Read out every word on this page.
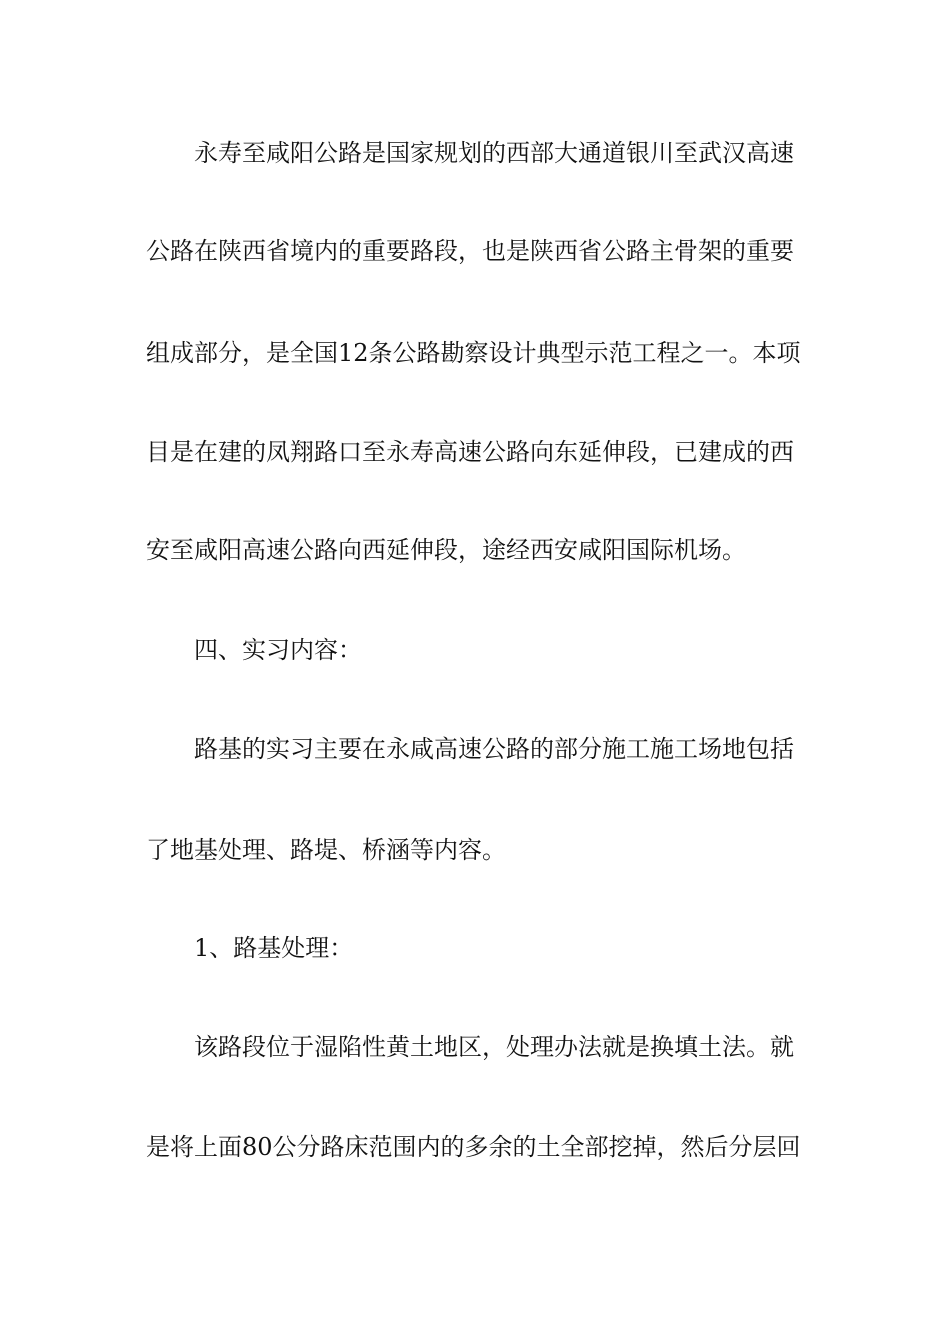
永寿至咸阳公路是国家规划的西部大通道银川至武汉高速
公路在陕西省境内的重要路段，也是陕西省公路主骨架的重要
组成部分，是全国12条公路勘察设计典型示范工程之一。本项
目是在建的凤翔路口至永寿高速公路向东延伸段，已建成的西
安至咸阳高速公路向西延伸段，途经西安咸阳国际机场。
四、实习内容：
路基的实习主要在永咸高速公路的部分施工施工场地包括
了地基处理、路堤、桥涵等内容。
1、路基处理：
该路段位于湿陷性黄土地区，处理办法就是换填土法。就
是将上面80公分路床范围内的多余的土全部挖掉，然后分层回
